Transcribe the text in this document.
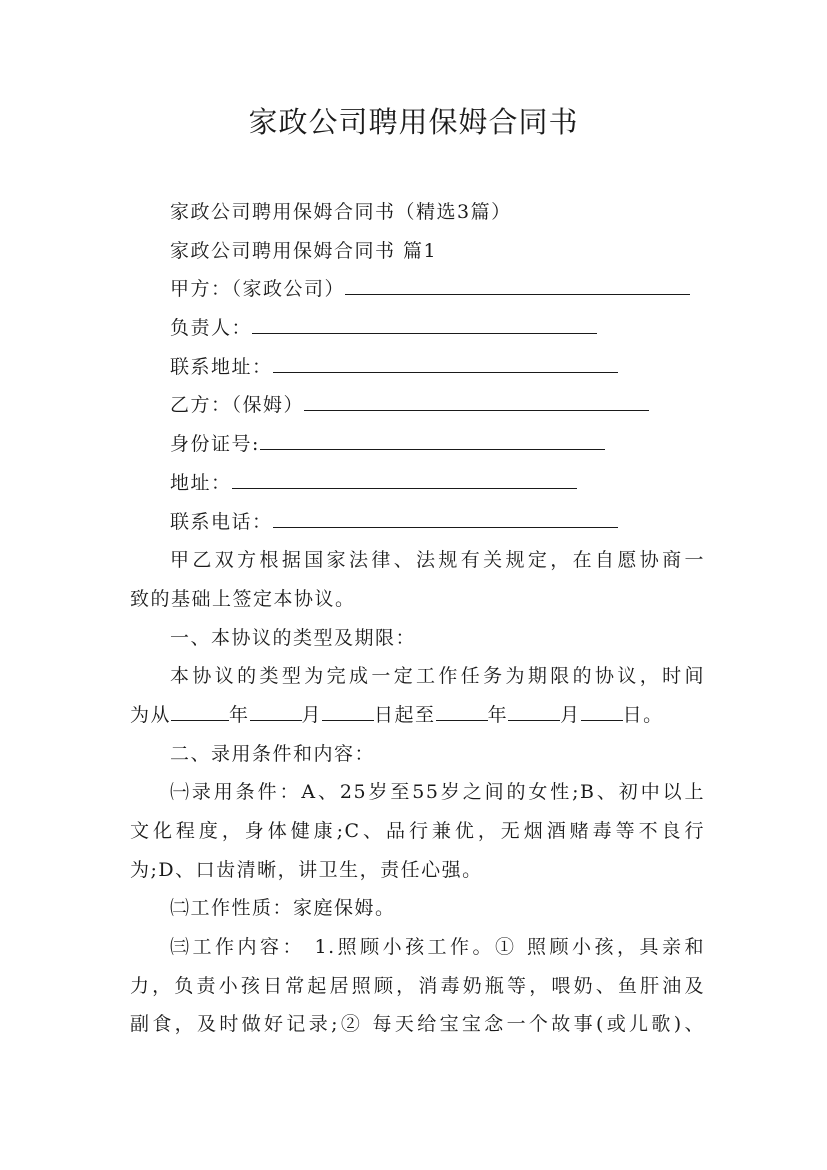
家政公司聘用保姆合同书
家政公司聘用保姆合同书（精选3篇）
家政公司聘用保姆合同书 篇1
甲方：（家政公司）
负责人：
联系地址：
乙方：（保姆）
身份证号:
地址：
联系电话：
甲乙双方根据国家法律、法规有关规定，在自愿协商一
致的基础上签定本协议。
一、本协议的类型及期限：
本协议的类型为完成一定工作任务为期限的协议，时间
为从	年	月	日起至	年	月 日。
二、录用条件和内容：
㈠录用条件：A、25岁至55岁之间的女性;B、初中以上
文化程度，身体健康;C、品行兼优，无烟酒赌毒等不良行
为;D、口齿清晰，讲卫生，责任心强。
㈡工作性质：家庭保姆。
㈢工作内容： 1.照顾小孩工作。① 照顾小孩，具亲和
力，负责小孩日常起居照顾，消毒奶瓶等，喂奶、鱼肝油及
副食，及时做好记录;② 每天给宝宝念一个故事(或儿歌)、
